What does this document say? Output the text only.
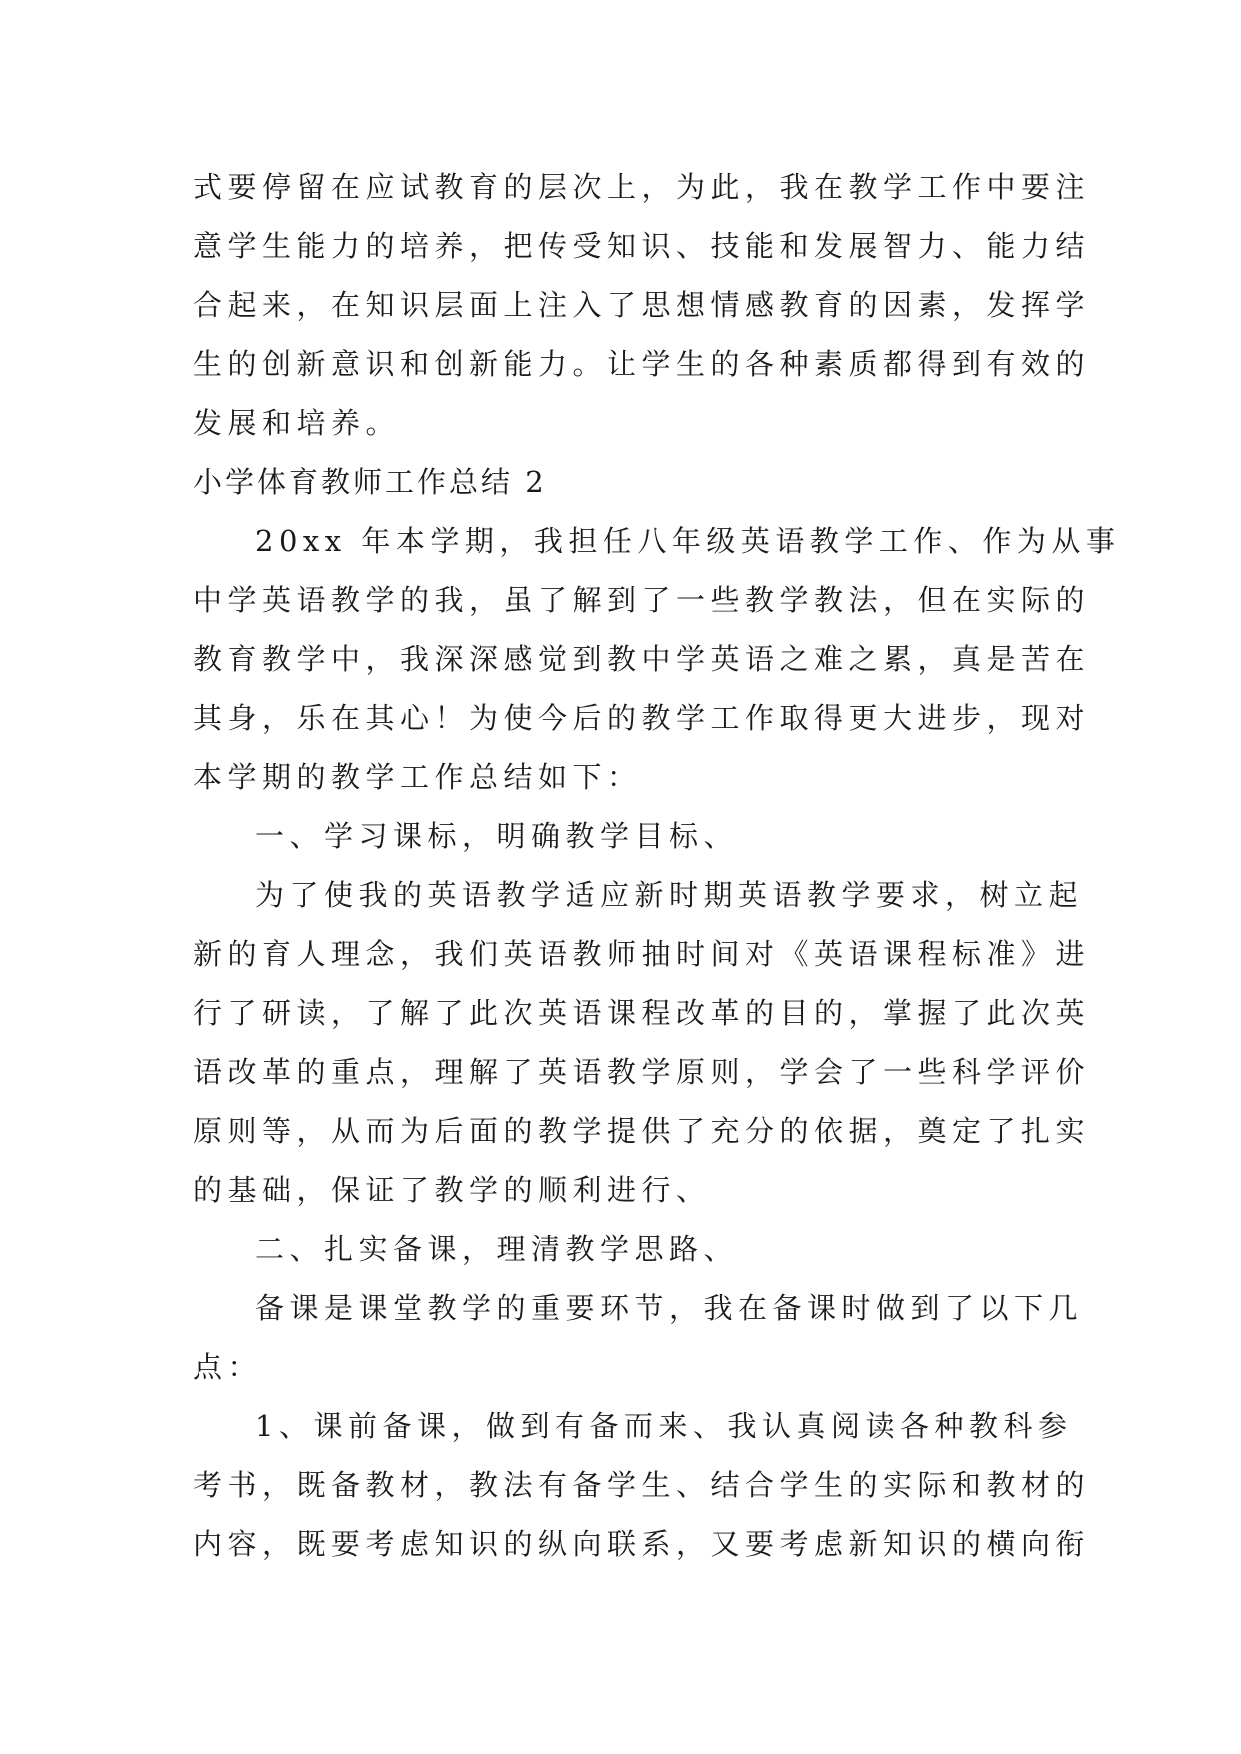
式要停留在应试教育的层次上，为此，我在教学工作中要注
意学生能力的培养，把传受知识、技能和发展智力、能力结
合起来，在知识层面上注入了思想情感教育的因素，发挥学
生的创新意识和创新能力。让学生的各种素质都得到有效的
发展和培养。
小学体育教师工作总结 2
20xx 年本学期，我担任八年级英语教学工作、作为从事
中学英语教学的我，虽了解到了一些教学教法，但在实际的
教育教学中，我深深感觉到教中学英语之难之累，真是苦在
其身，乐在其心！为使今后的教学工作取得更大进步，现对
本学期的教学工作总结如下：
一、学习课标，明确教学目标、
为了使我的英语教学适应新时期英语教学要求，树立起
新的育人理念，我们英语教师抽时间对《英语课程标准》进
行了研读，了解了此次英语课程改革的目的，掌握了此次英
语改革的重点，理解了英语教学原则，学会了一些科学评价
原则等，从而为后面的教学提供了充分的依据，奠定了扎实
的基础，保证了教学的顺利进行、
二、扎实备课，理清教学思路、
备课是课堂教学的重要环节，我在备课时做到了以下几
点：
1、课前备课，做到有备而来、我认真阅读各种教科参
考书，既备教材，教法有备学生、结合学生的实际和教材的
内容，既要考虑知识的纵向联系，又要考虑新知识的横向衔
